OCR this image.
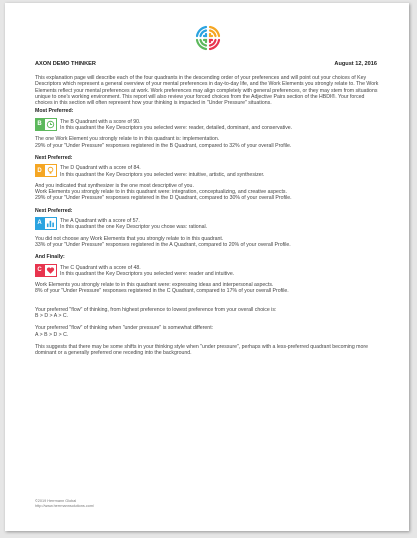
AXON DEMO THINKER	August 12, 2016

This explanation page will describe each of the four quadrants in the descending order of your preferences and will point out your choices of Key Descriptors which represent a general overview of your mental preferences in day-to-day life, and the Work Elements you strongly relate to. The Work Elements reflect your mental preferences at work. Work preferences may align completely with general preferences, or they may stem from situations unique to one's working environment. This report will also review your forced choices from the Adjective Pairs section of the HBDI®. Your forced choices in this section will often represent how your thinking is impacted in "Under Pressure" situations.

Most Preferred:
B	The B Quadrant with a score of 90.

In this quadrant the Key Descriptors you selected were: reader, detailed, dominant, and conservative.

The one Work Element you strongly relate to in this quadrant is: implementation.

29% of your "Under Pressure" responses registered in the B Quadrant, compared to 32% of your overall Profile.

Next Preferred:
D	The D Quadrant with a score of 84.

In this quadrant the Key Descriptors you selected were: intuitive, artistic, and synthesizer.

And you indicated that synthesizer is the one most descriptive of you.

Work Elements you strongly relate to in this quadrant were: integration, conceptualizing, and creative aspects.

29% of your "Under Pressure" responses registered in the D Quadrant, compared to 30% of your overall Profile.

Next Preferred:
A	The A Quadrant with a score of 57.

In this quadrant the one Key Descriptor you chose was: rational.

You did not choose any Work Elements that you strongly relate to in this quadrant.

33% of your "Under Pressure" responses registered in the A Quadrant, compared to 20% of your overall Profile.

And Finally:
C	The C Quadrant with a score of 48.

In this quadrant the Key Descriptors you selected were: reader and intuitive.

Work Elements you strongly relate to in this quadrant were: expressing ideas and interpersonal aspects.

8% of your "Under Pressure" responses registered in the C Quadrant, compared to 17% of your overall Profile.

Your preferred "flow" of thinking, from highest preference to lowest preference from your overall choice is:

B > D > A > C.

Your preferred "flow" of thinking when "under pressure" is somewhat different:

A > B > D > C.

This suggests that there may be some shifts in your thinking style when "under pressure", perhaps with a less-preferred quadrant becoming more dominant or a generally preferred one receding into the background.

©2019 Herrmann Global
http://www.herrmannsolutions.com/
